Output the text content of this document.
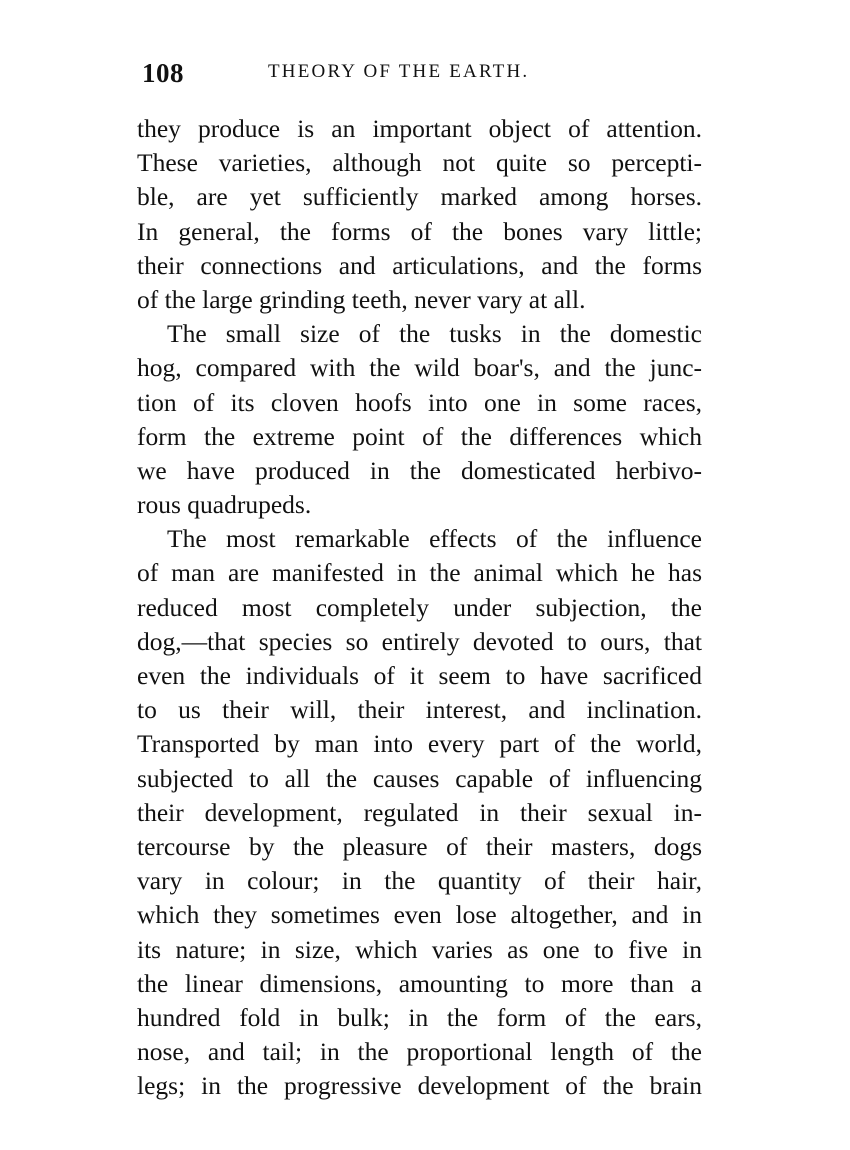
108	THEORY OF THE EARTH.
they produce is an important object of attention.
These varieties, although not quite so percepti-
ble, are yet sufficiently marked among horses.
In general, the forms of the bones vary little;
their connections and articulations, and the forms
of the large grinding teeth, never vary at all.
The small size of the tusks in the domestic
hog, compared with the wild boar's, and the junc-
tion of its cloven hoofs into one in some races,
form the extreme point of the differences which
we have produced in the domesticated herbivo-
rous quadrupeds.
The most remarkable effects of the influence
of man are manifested in the animal which he has
reduced most completely under subjection, the
dog,—that species so entirely devoted to ours, that
even the individuals of it seem to have sacrificed
to us their will, their interest, and inclination.
Transported by man into every part of the world,
subjected to all the causes capable of influencing
their development, regulated in their sexual in-
tercourse by the pleasure of their masters, dogs
vary in colour; in the quantity of their hair,
which they sometimes even lose altogether, and in
its nature; in size, which varies as one to five in
the linear dimensions, amounting to more than a
hundred fold in bulk; in the form of the ears,
nose, and tail; in the proportional length of the
legs; in the progressive development of the brain
